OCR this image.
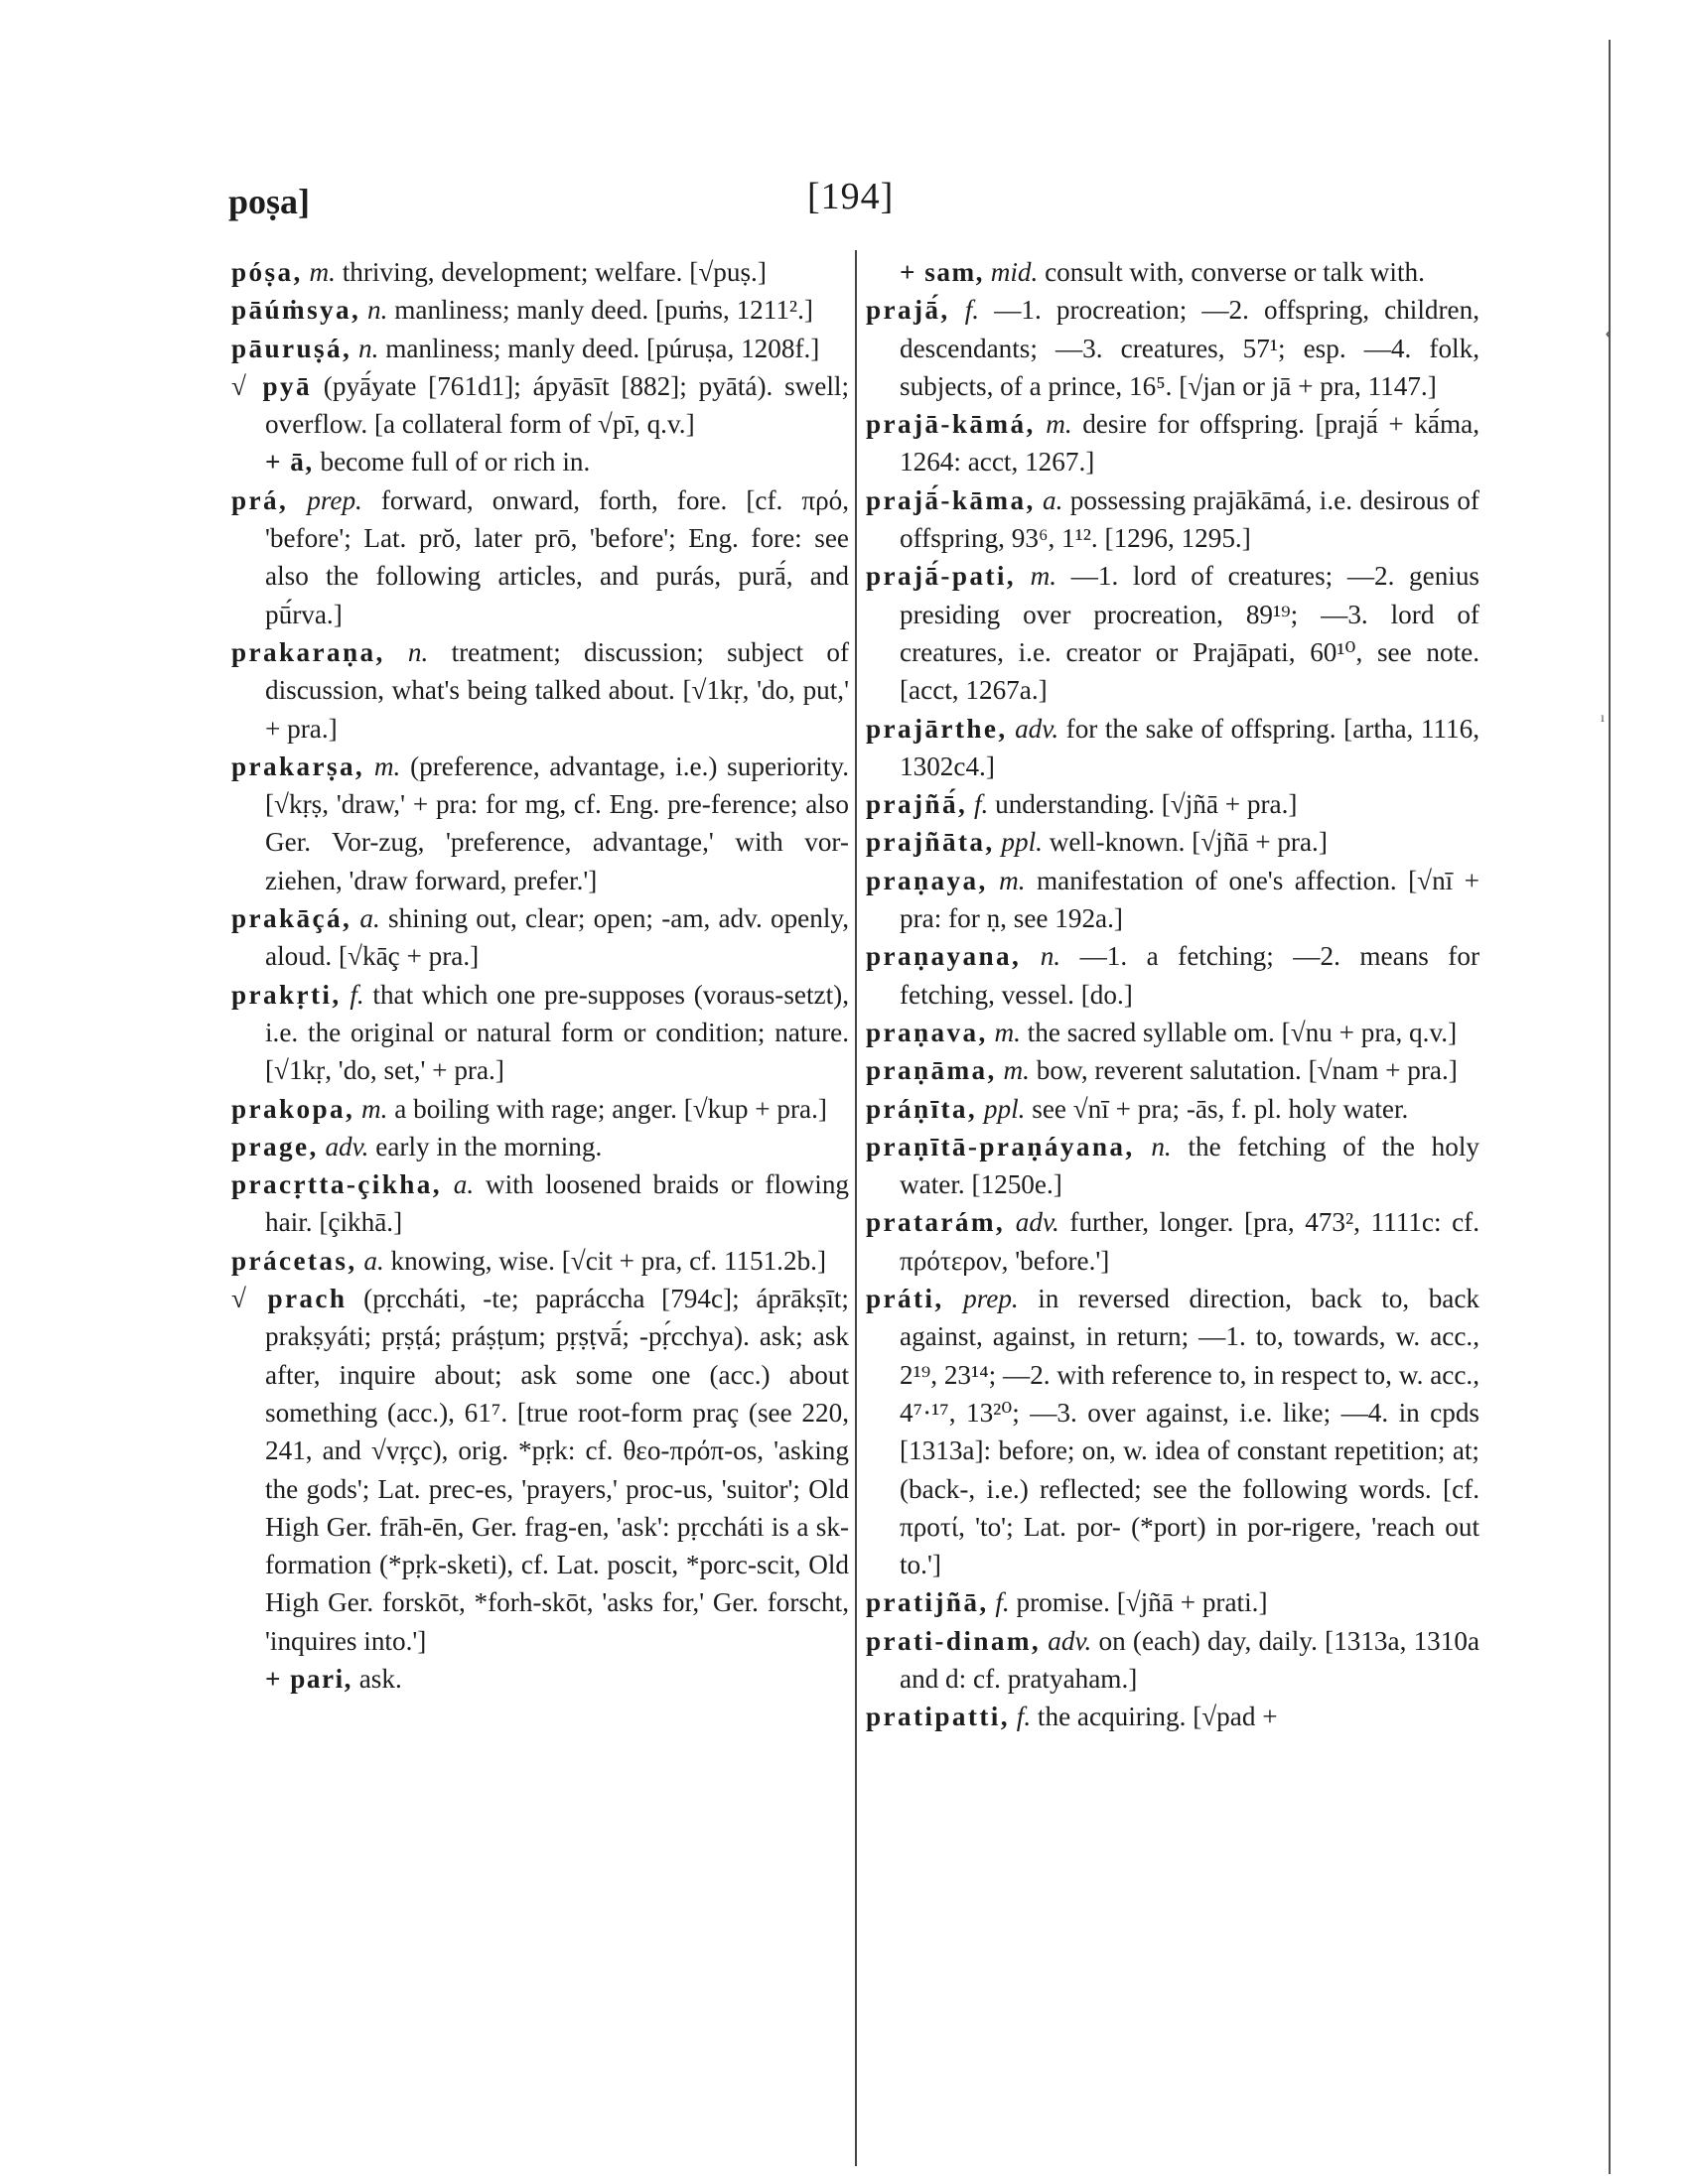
‹
ı
poṣa]	[194]
póṣa, m. thriving, development; welfare. [√puṣ.]
pāúṁsya, n. manliness; manly deed. [puṁs, 1211².]
pāuruṣá, n. manliness; manly deed. [púruṣa, 1208f.]
√ pyā (pyā́yate [761d1]; ápyāsīt [882]; pyātá). swell; overflow. [a collateral form of √pī, q.v.]
+ ā, become full of or rich in.
prá, prep. forward, onward, forth, fore. [cf. πρό, 'before'; Lat. prŏ, later prō, 'before'; Eng. fore: see also the following articles, and purás, purā́, and pū́rva.]
prakaraṇa, n. treatment; discussion; subject of discussion, what's being talked about. [√1kṛ, 'do, put,' + pra.]
prakarṣa, m. (preference, advantage, i.e.) superiority. [√kṛṣ, 'draw,' + pra: for mg, cf. Eng. pre-ference; also Ger. Vor-zug, 'preference, advantage,' with vor-ziehen, 'draw forward, prefer.']
prakāçá, a. shining out, clear; open; -am, adv. openly, aloud. [√kāç + pra.]
prakṛti, f. that which one pre-supposes (voraus-setzt), i.e. the original or natural form or condition; nature. [√1kṛ, 'do, set,' + pra.]
prakopa, m. a boiling with rage; anger. [√kup + pra.]
prage, adv. early in the morning.
pracṛtta-çikha, a. with loosened braids or flowing hair. [çikhā.]
prácetas, a. knowing, wise. [√cit + pra, cf. 1151.2b.]
√ prach (pṛccháti, -te; papráccha [794c]; áprākṣīt; prakṣyáti; pṛṣṭá; práṣṭum; pṛṣṭvā́; -pṛ́cchya). ask; ask after, inquire about; ask some one (acc.) about something (acc.), 61⁷. [true root-form praç (see 220, 241, and √vṛçc), orig. *pṛk: cf. θεο-πρόπ-os, 'asking the gods'; Lat. prec-es, 'prayers,' proc-us, 'suitor'; Old High Ger. frāh-ēn, Ger. frag-en, 'ask': pṛccháti is a sk-formation (*pṛk-sketi), cf. Lat. poscit, *porc-scit, Old High Ger. forskōt, *forh-skōt, 'asks for,' Ger. forscht, 'inquires into.']
+ pari, ask.
+ sam, mid. consult with, converse or talk with.
prajā́, f. —1. procreation; —2. offspring, children, descendants; —3. creatures, 57¹; esp. —4. folk, subjects, of a prince, 16⁵. [√jan or jā + pra, 1147.]
prajā-kāmá, m. desire for offspring. [prajā́ + kā́ma, 1264: acct, 1267.]
prajā́-kāma, a. possessing prajākāmá, i.e. desirous of offspring, 93⁶, 1¹². [1296, 1295.]
prajā́-pati, m. —1. lord of creatures; —2. genius presiding over procreation, 89¹⁹; —3. lord of creatures, i.e. creator or Prajāpati, 60¹⁰, see note. [acct, 1267a.]
prajārthe, adv. for the sake of offspring. [artha, 1116, 1302c4.]
prajñā́, f. understanding. [√jñā + pra.]
prajñāta, ppl. well-known. [√jñā + pra.]
praṇaya, m. manifestation of one's affection. [√nī + pra: for ṇ, see 192a.]
praṇayana, n. —1. a fetching; —2. means for fetching, vessel. [do.]
praṇava, m. the sacred syllable om. [√nu + pra, q.v.]
praṇāma, m. bow, reverent salutation. [√nam + pra.]
práṇīta, ppl. see √nī + pra; -ās, f. pl. holy water.
praṇītā-praṇáyana, n. the fetching of the holy water. [1250e.]
pratarám, adv. further, longer. [pra, 473², 1111c: cf. πρότερον, 'before.']
práti, prep. in reversed direction, back to, back against, against, in return; —1. to, towards, w. acc., 2¹⁹, 23¹⁴; —2. with reference to, in respect to, w. acc., 4⁷·¹⁷, 13²⁰; —3. over against, i.e. like; —4. in cpds [1313a]: before; on, w. idea of constant repetition; at; (back-, i.e.) reflected; see the following words. [cf. προτί, 'to'; Lat. por- (*port) in por-rigere, 'reach out to.']
pratijñā, f. promise. [√jñā + prati.]
prati-dinam, adv. on (each) day, daily. [1313a, 1310a and d: cf. pratyaham.]
pratipatti, f. the acquiring. [√pad +
